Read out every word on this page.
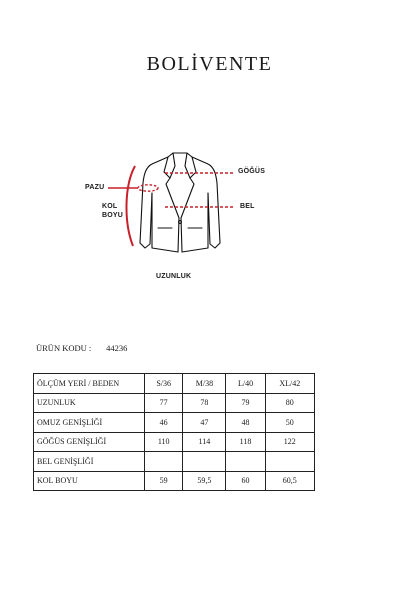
BOLİVENTE
GÖĞÜS
PAZU
BEL
KOL
BOYU
UZUNLUK
ÜRÜN KODU : 44236
ÖLÇÜM YERİ / BEDEN	S/36	M/38	L/40	XL/42
UZUNLUK	77	78	79	80
OMUZ GENİŞLİĞİ	46	47	48	50
GÖĞÜS GENİŞLİĞİ	110	114	118	122
BEL GENİŞLİĞİ				
KOL BOYU	59	59,5	60	60,5
